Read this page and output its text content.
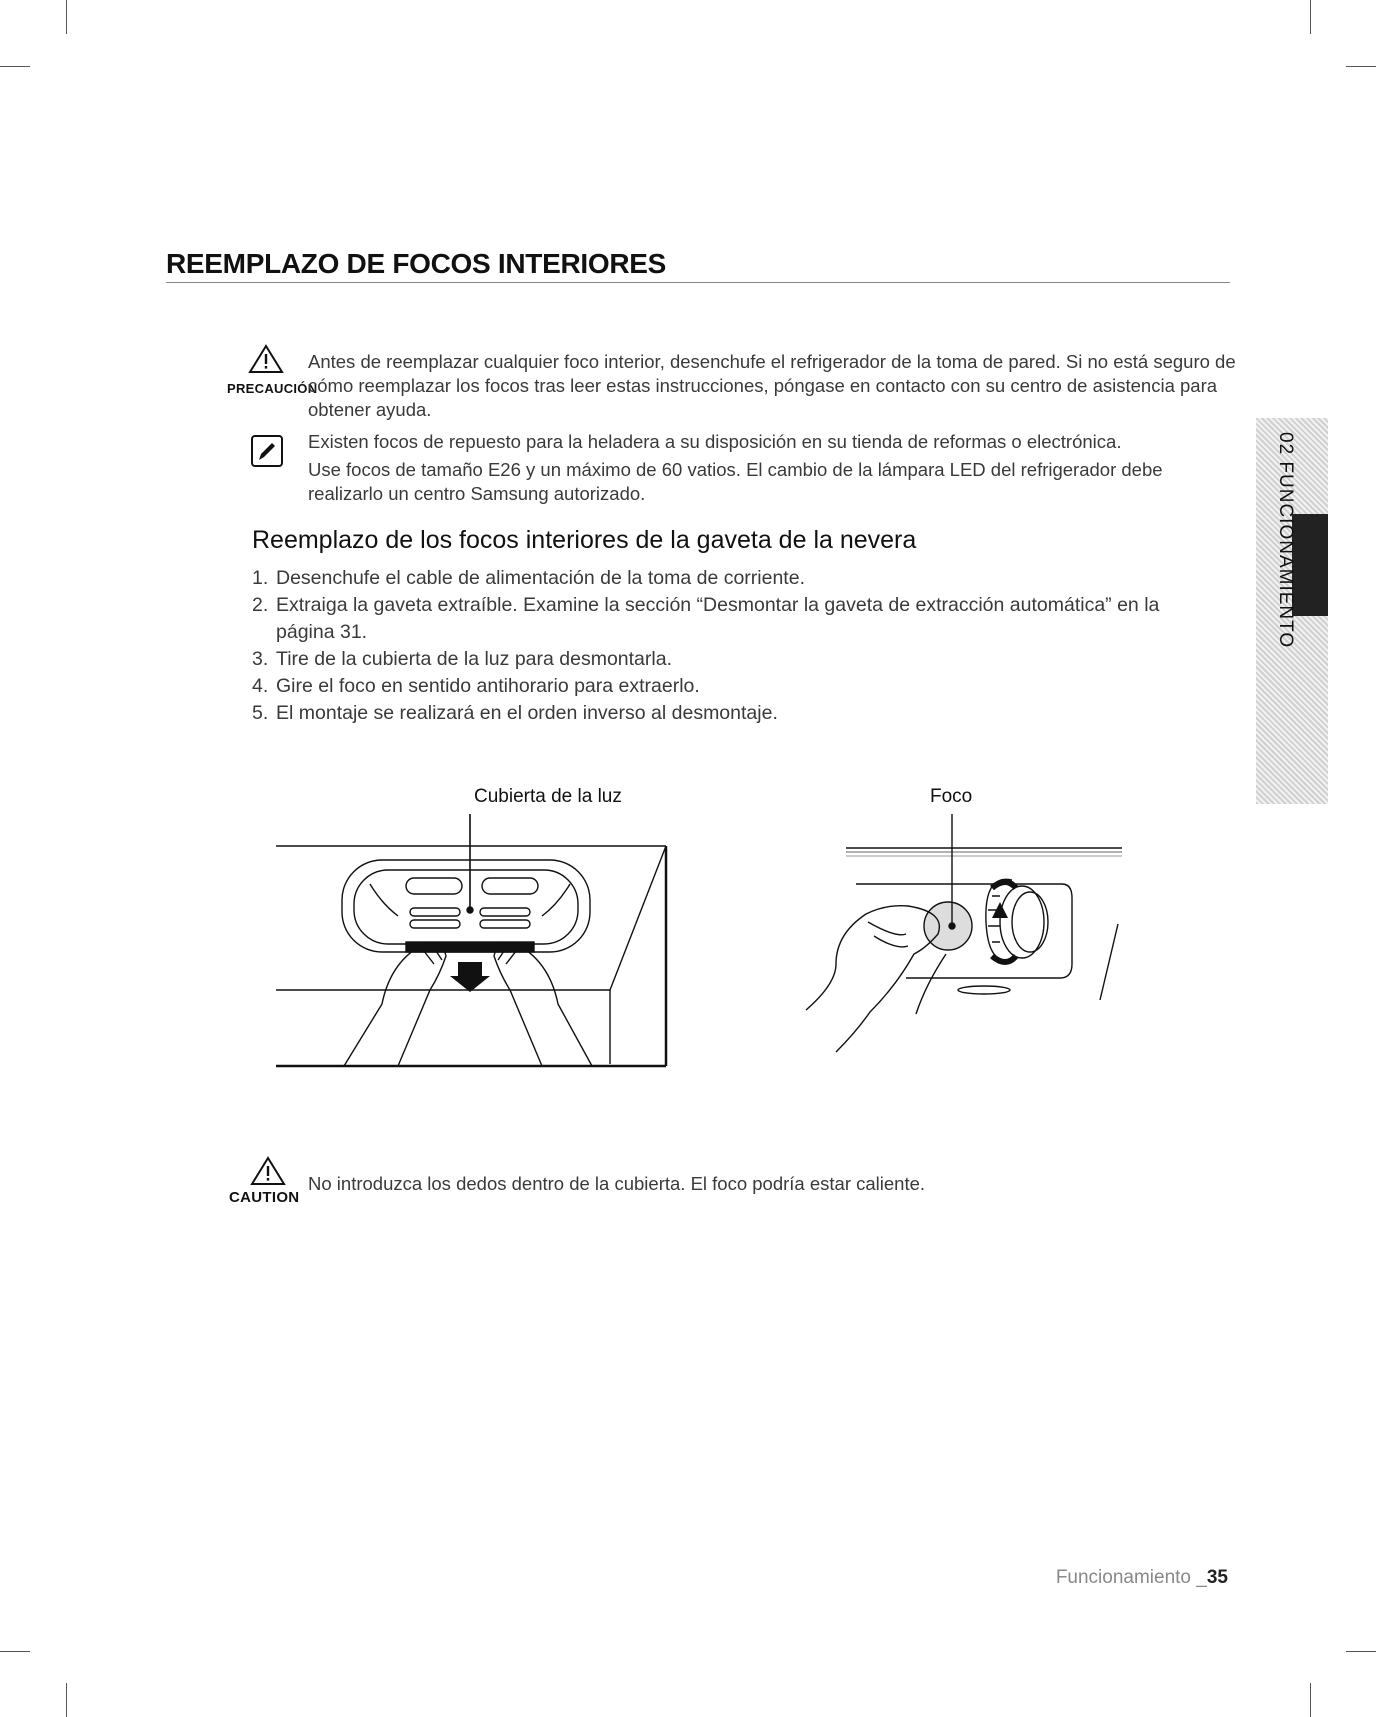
REEMPLAZO DE FOCOS INTERIORES
PRECAUCIÓN
Antes de reemplazar cualquier foco interior, desenchufe el refrigerador de la toma de pared. Si no está seguro de cómo reemplazar los focos tras leer estas instrucciones, póngase en contacto con su centro de asistencia para obtener ayuda.
Existen focos de repuesto para la heladera a su disposición en su tienda de reformas o electrónica.
Use focos de tamaño E26 y un máximo de 60 vatios. El cambio de la lámpara LED del refrigerador debe realizarlo un centro Samsung autorizado.
Reemplazo de los focos interiores de la gaveta de la nevera
1. Desenchufe el cable de alimentación de la toma de corriente.
2. Extraiga la gaveta extraíble. Examine la sección “Desmontar la gaveta de extracción automática” en la página 31.
3. Tire de la cubierta de la luz para desmontarla.
4. Gire el foco en sentido antihorario para extraerlo.
5. El montaje se realizará en el orden inverso al desmontaje.
Cubierta de la luz	Foco
CAUTION
No introduzca los dedos dentro de la cubierta. El foco podría estar caliente.
02 FUNCIONAMIENTO
Funcionamiento _35
